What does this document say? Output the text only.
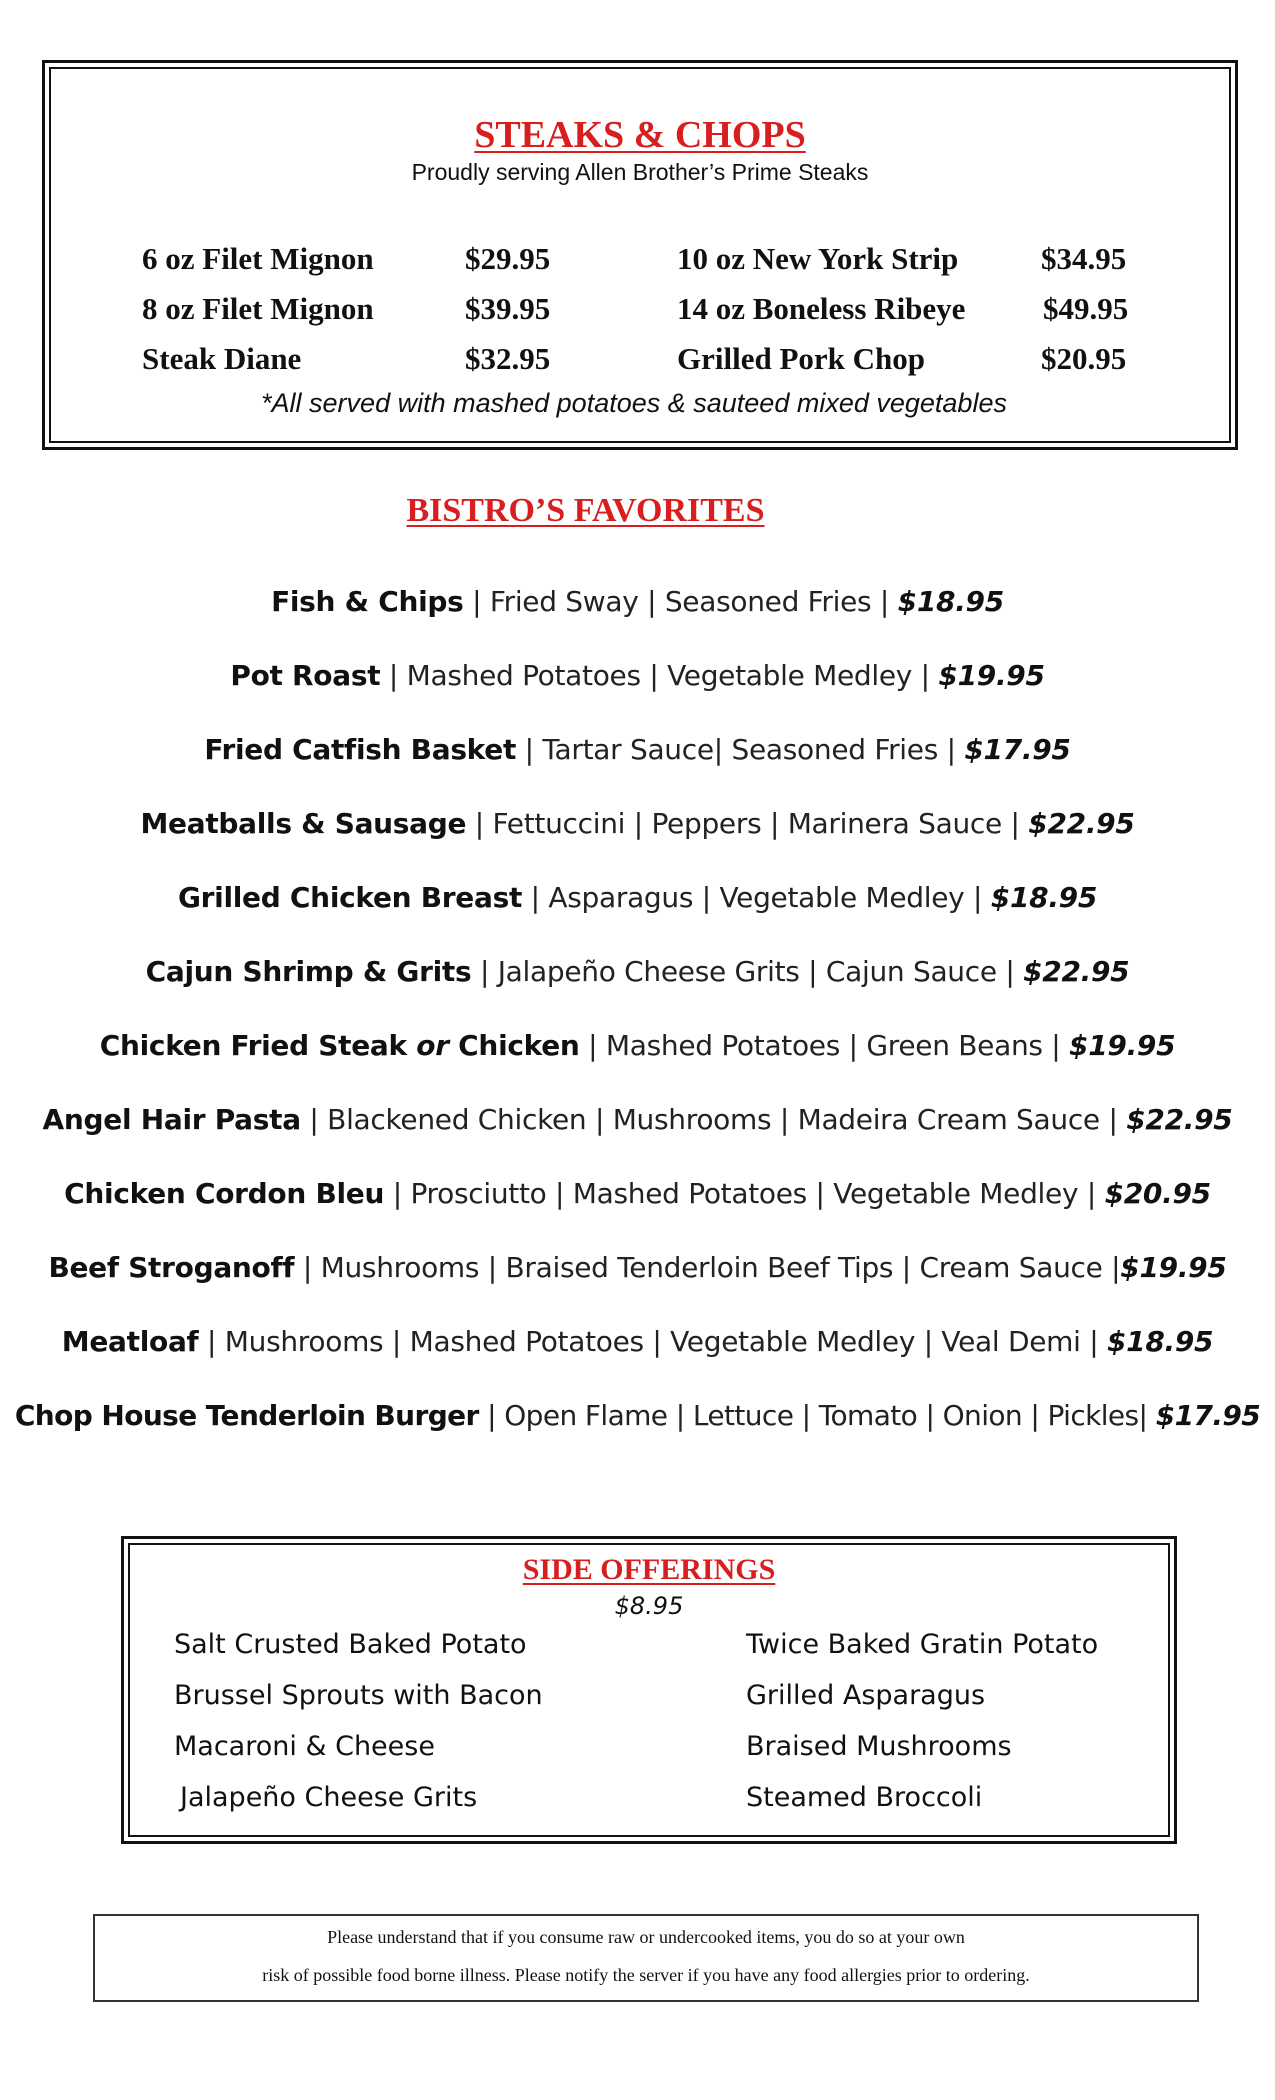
STEAKS & CHOPS
Proudly serving Allen Brother’s Prime Steaks
6 oz Filet Mignon	$29.95
8 oz Filet Mignon	$39.95
Steak Diane	$32.95
10 oz New York Strip	$34.95
14 oz Boneless Ribeye	$49.95
Grilled Pork Chop	$20.95
*All served with mashed potatoes & sauteed mixed vegetables
BISTRO’S FAVORITES
Fish & Chips | Fried Sway | Seasoned Fries | $18.95
Pot Roast | Mashed Potatoes | Vegetable Medley | $19.95
Fried Catfish Basket | Tartar Sauce| Seasoned Fries | $17.95
Meatballs & Sausage | Fettuccini | Peppers | Marinera Sauce | $22.95
Grilled Chicken Breast | Asparagus | Vegetable Medley | $18.95
Cajun Shrimp & Grits | Jalapeño Cheese Grits | Cajun Sauce | $22.95
Chicken Fried Steak or Chicken | Mashed Potatoes | Green Beans | $19.95
Angel Hair Pasta | Blackened Chicken | Mushrooms | Madeira Cream Sauce | $22.95
Chicken Cordon Bleu | Prosciutto | Mashed Potatoes | Vegetable Medley | $20.95
Beef Stroganoff | Mushrooms | Braised Tenderloin Beef Tips | Cream Sauce |$19.95
Meatloaf | Mushrooms | Mashed Potatoes | Vegetable Medley | Veal Demi | $18.95
Chop House Tenderloin Burger | Open Flame | Lettuce | Tomato | Onion | Pickles| $17.95
SIDE OFFERINGS
$8.95
Salt Crusted Baked Potato
Brussel Sprouts with Bacon
Macaroni & Cheese
Jalapeño Cheese Grits
Twice Baked Gratin Potato
Grilled Asparagus
Braised Mushrooms
Steamed Broccoli
Please understand that if you consume raw or undercooked items, you do so at your own
risk of possible food borne illness. Please notify the server if you have any food allergies prior to ordering.
